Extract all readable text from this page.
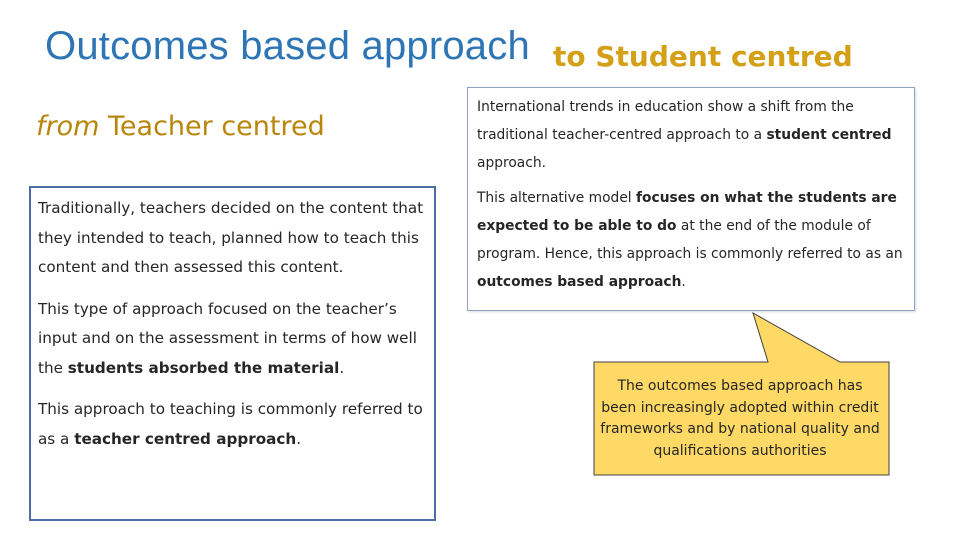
Outcomes based approach to Student centred
from Teacher centred

Traditionally, teachers decided on the content that they intended to teach, planned how to teach this content and then assessed this content.

This type of approach focused on the teacher’s input and on the assessment in terms of how well the students absorbed the material.

This approach to teaching is commonly referred to as a teacher centred approach.

International trends in education show a shift from the traditional teacher-centred approach to a student centred approach.

This alternative model focuses on what the students are expected to be able to do at the end of the module of program. Hence, this approach is commonly referred to as an outcomes based approach.

The outcomes based approach has been increasingly adopted within credit frameworks and by national quality and qualifications authorities
